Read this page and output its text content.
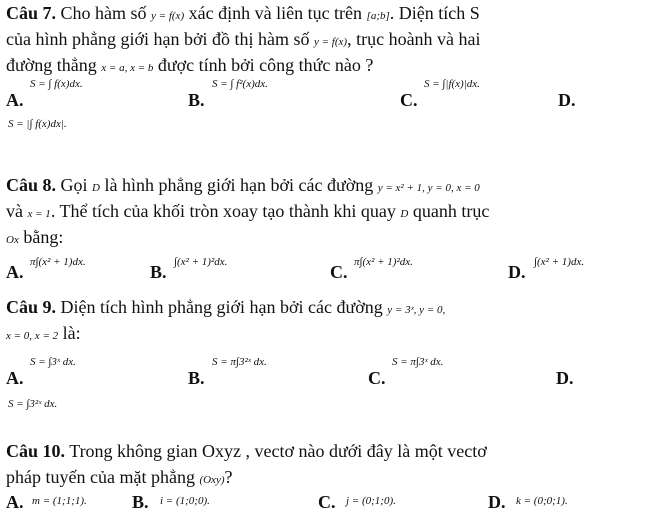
Câu 7. Cho hàm số y = f(x) xác định và liên tục trên [a;b]. Diện tích S
của hình phẳng giới hạn bởi đồ thị hàm số y = f(x), trục hoành và hai
đường thẳng x = a, x = b được tính bởi công thức nào ?
A.
S = ∫ f(x)dx.
B.
S = ∫ f²(x)dx.
C.
S = ∫|f(x)|dx.
D.
S = |∫ f(x)dx|.
Câu 8. Gọi D là hình phẳng giới hạn bởi các đường y = x² + 1, y = 0, x = 0
và x = 1. Thể tích của khối tròn xoay tạo thành khi quay D quanh trục
Ox bằng:
A. π∫(x² + 1)dx.	B. ∫(x² + 1)²dx.	C. π∫(x² + 1)²dx.	D. ∫(x² + 1)dx.
Câu 9. Diện tích hình phẳng giới hạn bởi các đường y = 3ˣ, y = 0,
x = 0, x = 2 là:
A.
S = ∫3ˣ dx.
B.
S = π∫3²ˣ dx.
C.
S = π∫3ˣ dx.
D.
S = ∫3²ˣ dx.
Câu 10. Trong không gian Oxyz , vectơ nào dưới đây là một vectơ
pháp tuyến của mặt phẳng (Oxy)?
A. m = (1;1;1).	B. i = (1;0;0).	C. j = (0;1;0).	D. k = (0;0;1).
